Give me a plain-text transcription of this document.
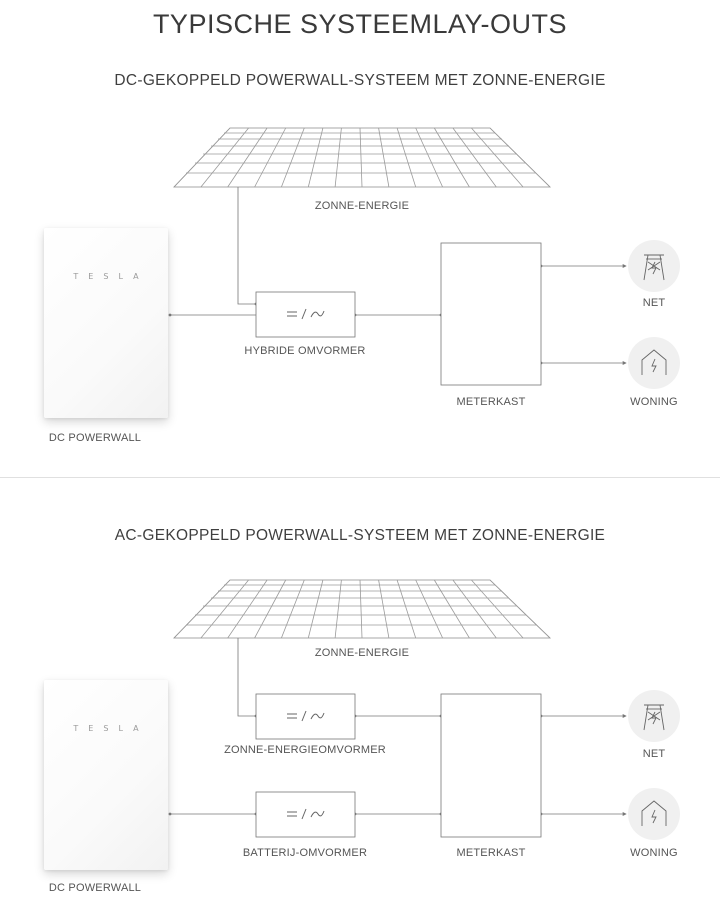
TYPISCHE SYSTEEMLAY-OUTS
DC-GEKOPPELD POWERWALL-SYSTEEM MET ZONNE-ENERGIE
AC-GEKOPPELD POWERWALL-SYSTEEM MET ZONNE-ENERGIE
TESLA
TESLA
ZONNE-ENERGIE
HYBRIDE OMVORMER
METERKAST
NET
WONING
DC POWERWALL
ZONNE-ENERGIE
ZONNE-ENERGIEOMVORMER
BATTERIJ-OMVORMER	METERKAST
NET
WONING
DC POWERWALL
